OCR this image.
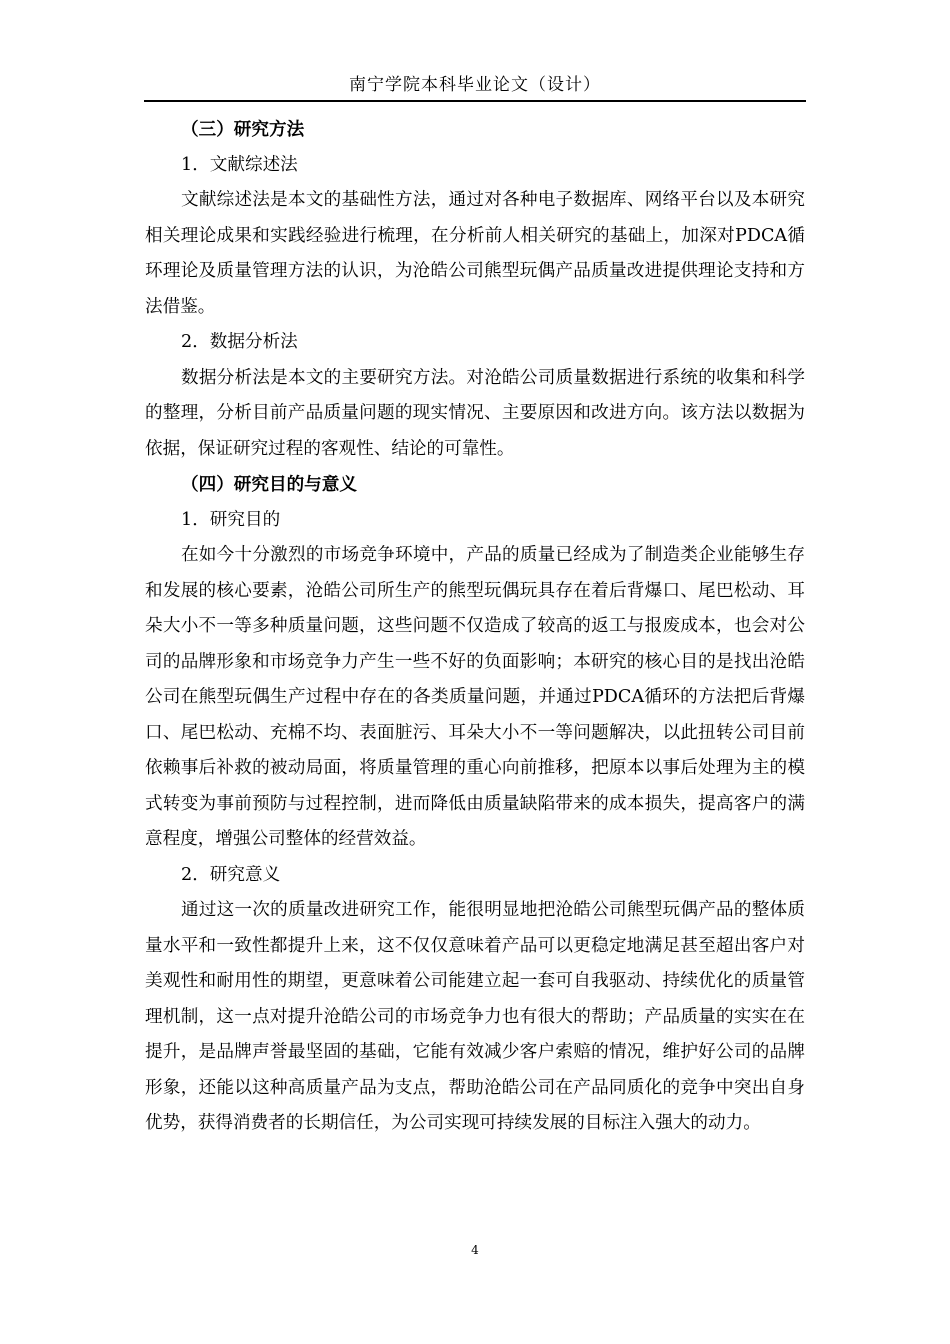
南宁学院本科毕业论文（设计）

（三）研究方法

1．文献综述法

文献综述法是本文的基础性方法，通过对各种电子数据库、网络平台以及本研究相关理论成果和实践经验进行梳理，在分析前人相关研究的基础上，加深对PDCA循环理论及质量管理方法的认识，为沧皓公司熊型玩偶产品质量改进提供理论支持和方法借鉴。

2．数据分析法

数据分析法是本文的主要研究方法。对沧皓公司质量数据进行系统的收集和科学的整理，分析目前产品质量问题的现实情况、主要原因和改进方向。该方法以数据为依据，保证研究过程的客观性、结论的可靠性。

（四）研究目的与意义

1．研究目的

在如今十分激烈的市场竞争环境中，产品的质量已经成为了制造类企业能够生存和发展的核心要素，沧皓公司所生产的熊型玩偶玩具存在着后背爆口、尾巴松动、耳朵大小不一等多种质量问题，这些问题不仅造成了较高的返工与报废成本，也会对公司的品牌形象和市场竞争力产生一些不好的负面影响；本研究的核心目的是找出沧皓公司在熊型玩偶生产过程中存在的各类质量问题，并通过PDCA循环的方法把后背爆口、尾巴松动、充棉不均、表面脏污、耳朵大小不一等问题解决，以此扭转公司目前依赖事后补救的被动局面，将质量管理的重心向前推移，把原本以事后处理为主的模式转变为事前预防与过程控制，进而降低由质量缺陷带来的成本损失，提高客户的满意程度，增强公司整体的经营效益。

2．研究意义

通过这一次的质量改进研究工作，能很明显地把沧皓公司熊型玩偶产品的整体质量水平和一致性都提升上来，这不仅仅意味着产品可以更稳定地满足甚至超出客户对美观性和耐用性的期望，更意味着公司能建立起一套可自我驱动、持续优化的质量管理机制，这一点对提升沧皓公司的市场竞争力也有很大的帮助；产品质量的实实在在提升，是品牌声誉最坚固的基础，它能有效减少客户索赔的情况，维护好公司的品牌形象，还能以这种高质量产品为支点，帮助沧皓公司在产品同质化的竞争中突出自身优势，获得消费者的长期信任，为公司实现可持续发展的目标注入强大的动力。

4
